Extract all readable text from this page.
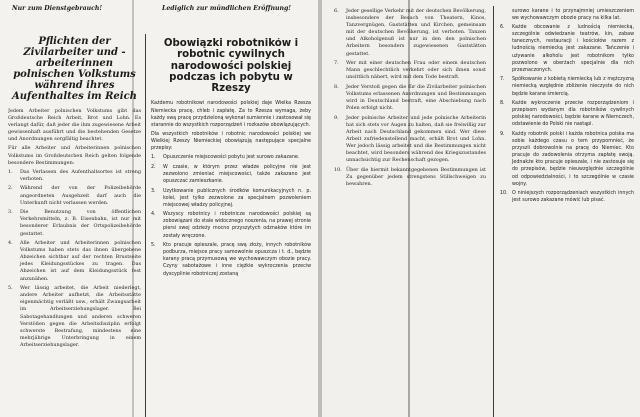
Nur zum Dienstgebrauch!	Lediglich zur mündlichen Eröffnung!
Pflichten der Zivilarbeiter und -arbeiterinnen polnischen Volkstums während ihres Aufenthaltes im Reich

Jedem Arbeiter polnischen Volkstums gibt das Großdeutsche Reich Arbeit, Brot und Lohn. Es verlangt dafür, daß jeder die ihm zugewiesene Arbeit gewissenhaft ausführt und die bestehenden Gesetze und Anordnungen sorgfältig beachtet.

Für alle Arbeiter und Arbeiterinnen polnischen Volkstums im Großdeutschen Reich gelten folgende besondere Bestimmungen:

1.	Das Verlassen des Aufenthaltsortes ist streng verboten.
2.	Während der von der Polizeibehörde angeordneten Ausgehzeit darf auch die Unterkunft nicht verlassen werden.
3.	Die Benutzung von öffentlichen Verkehrsmitteln, z. B. Eisenbahn, ist nur mit besonderer Erlaubnis der Ortspolizeibehörde gestattet.
4.	Alle Arbeiter und Arbeiterinnen polnischen Volkstums haben stets das ihnen übergebene Abzeichen sichtbar auf der rechten Brustseite jedes Kleidungsstückes zu tragen. Das Abzeichen ist auf dem Kleidungsstück fest anzunähen.
5.	Wer lässig arbeitet, die Arbeit niederlegt, andere Arbeiter aufhetzt, die Arbeitsstätte eigenmächtig verläßt usw., erhält Zwangsarbeit im Arbeitserziehungslager. Bei Sabotagehandlungen und anderen schweren Verstößen gegen die Arbeitsdisziplin erfolgt schwerste Bestrafung, mindestens eine mehrjährige Unterbringung in einem Arbeitserziehungslager.
Obowiązki robotników i robotnic cywilnych narodowości polskiej podczas ich pobytu w Rzeszy

Każdemu robotnikowi narodowości polskiej daje Wielka Rzesza Niemiecka pracę, chleb i zapłatę. Za to Rzesza wymaga, żeby każdy swą pracę przydzieloną wykonał sumiennie i zastosował się starannie do wszystkich rozporządzeń i rozkazów obowiązujących.

Dla wszystkich robotników i robotnic narodowości polskiej we Wielkiej Rzeszy Niemieckiej obowiązują następujące specjalne przepisy:

1.	Opuszczenie miejscowości pobytu jest surowo zakazane.
2.	W czasie, w którym przez władze policyjne nie jest zezwolono zmieniać miejscowości, także zakazano jest opuszczać zamieszkanie.
3.	Uzytkowanie publicznych środków komunikacyjnych n. p. kolei, jest tylko zezwolone za specjalnem pozwoleniem miejscowej władzy policyjnej.
4.	Wszyscy robotnicy i robotnicze narodowości polskiej są zobowiązani do stale widocznego noszenia, na prawej stronie piersi swej odzieży mocno przyszytych odznaków które im zostały wręczone.
5.	Kto pracuje opieszale, pracę swą złoży, innych robotników podburza, miejsce pracy samowolnie opuszcza i t. d., będzie karany pracą przymusową we wychowawczym obozie pracy. Czyny sabotażowe i inne ciężkie wykroczenia przeciw dyscyplinie robotniczej zostaną
6.	Jeder gesellige Verkehr mit der deutschen Bevölkerung, insbesondere der Besuch von Theatern, Kinos, Tanzvergnügen, Gaststätten und Kirchen, gemeinsam mit der deutschen Bevölkerung, ist verboten. Tanzen und Alkoholgenuß ist nur in den den polnischen Arbeitern besonders zugewiesenen Gaststätten gestattet.
7.	Wer mit einer deutschen Frau oder einem deutschen Mann geschlechtlich verkehrt oder sich ihnen sonst unsittlich nähert, wird mit dem Tode bestraft.
8.	Jeder Verstoß gegen die für die Zivilarbeiter polnischen Volkstums erlassenen Anordnungen und Bestimmungen wird in Deutschland bestraft, eine Abschiebung nach Polen erfolgt nicht.
9.	Jeder polnische Arbeiter und jede polnische Arbeiterin hat sich stets vor Augen zu halten, daß sie freiwillig zur Arbeit nach Deutschland gekommen sind. Wer diese Arbeit zufriedenstellend macht, erhält Brot und Lohn. Wer jedoch lässig arbeitet und die Bestimmungen nicht beachtet, wird besonders während des Kriegszustandes unnachsichtig zur Rechenschaft gezogen.
10. Über die hiermit bekanntgegebenen Bestimmungen ist Zu gegenüber jedem strengstens Stillschweigen zu bewahren.

surowo karane i to przynajmniej umieszczeniem we wychowawczym obozie pracy na kilka lat.

6.	Każde obcowanie z ludnością niemiecką, szczególnie odwiedzanie teatrów, kin, zabaw tanecznych, restauracji i kościołów razem z ludnością niemiecką jest zakazane. Tańczenie i używanie alkoholu jest robotnikom tylko pozwolono w oberżach specjalnie dla nich przeznaczonych.
7.	Spółkowanie z kobietą niemiecką lub z mężczyzną niemiecką względnie zbliżenie nieczyste do nich będzie karane śmiercią.
8.	Każde wykroczenie przeciw rozporządzeniom i przepisom wydanym dla robotników cywilnych polskiej narodowości, będzie karane w Niemczech, odstawienie do Polski nie nastąpi.
9.	Każdy robotnik polski i każda robotnica polska ma sobie każdego czasu o tem przypomnieć, że przyszli dobrowolnie na pracę do Niemiec. Kto pracuje do zadowolenia otrzyma zapłatę swoją. Jednakże kto pracuje opieszale, i nie zastosuje się do przepisów, będzie nieuwzględnie szczególnie od odpowiedzialności, i to szczególnie w czasie wojny.
10. O niniejszych rozporządzeniach wszystkich innych jest surowo zakazane mówić lub pisać.
